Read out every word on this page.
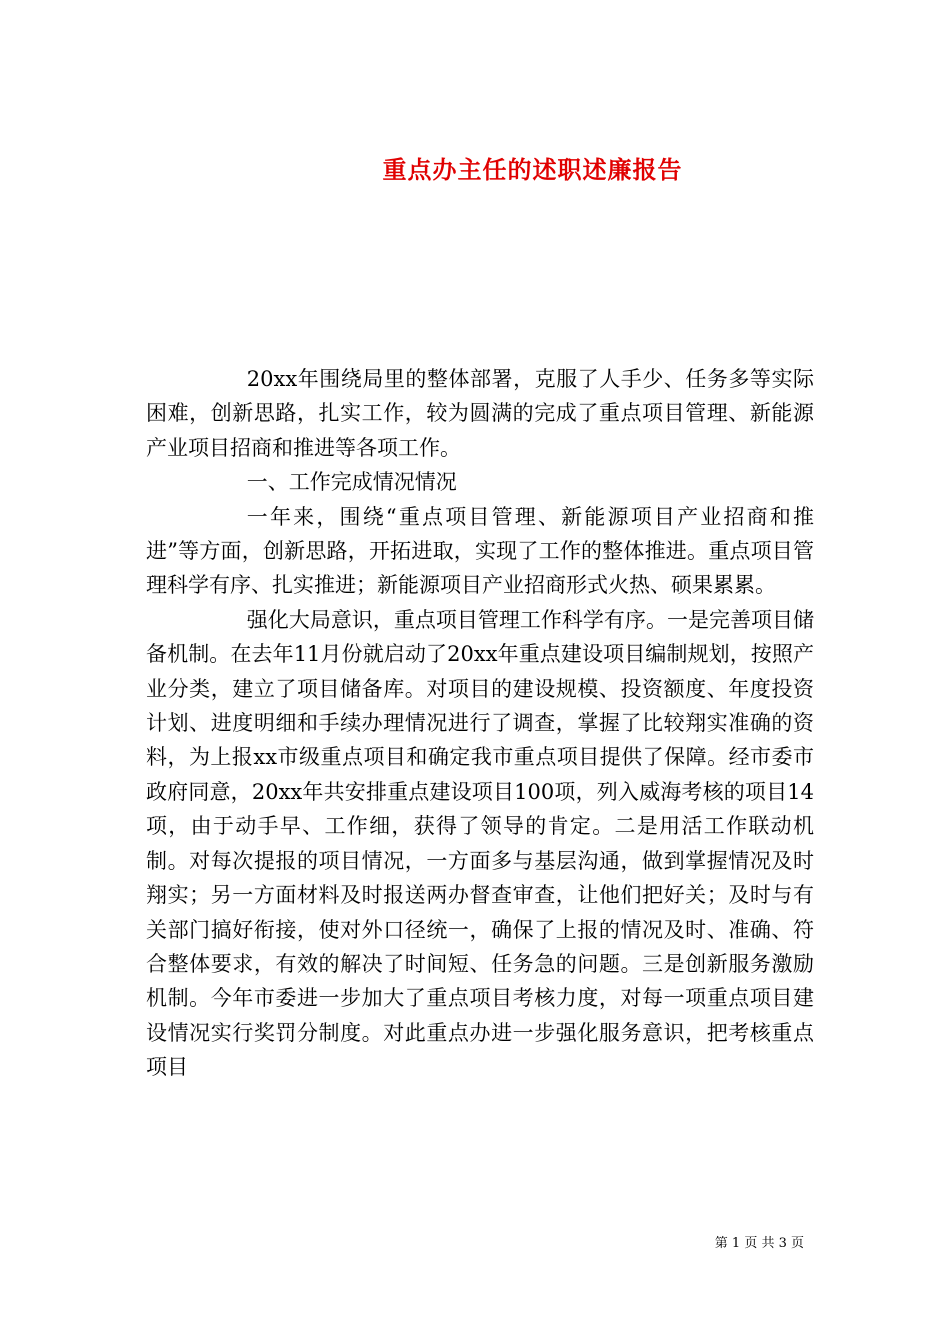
重点办主任的述职述廉报告

20xx年围绕局里的整体部署，克服了人手少、任务多等实际困难，创新思路，扎实工作，较为圆满的完成了重点项目管理、新能源产业项目招商和推进等各项工作。

一、工作完成情况情况

一年来，围绕“重点项目管理、新能源项目产业招商和推进”等方面，创新思路，开拓进取，实现了工作的整体推进。重点项目管理科学有序、扎实推进；新能源项目产业招商形式火热、硕果累累。

强化大局意识，重点项目管理工作科学有序。一是完善项目储备机制。在去年11月份就启动了20xx年重点建设项目编制规划，按照产业分类，建立了项目储备库。对项目的建设规模、投资额度、年度投资计划、进度明细和手续办理情况进行了调查，掌握了比较翔实准确的资料，为上报xx市级重点项目和确定我市重点项目提供了保障。经市委市政府同意，20xx年共安排重点建设项目100项，列入威海考核的项目14项，由于动手早、工作细，获得了领导的肯定。二是用活工作联动机制。对每次提报的项目情况，一方面多与基层沟通，做到掌握情况及时翔实；另一方面材料及时报送两办督查审查，让他们把好关；及时与有关部门搞好衔接，使对外口径统一，确保了上报的情况及时、准确、符合整体要求，有效的解决了时间短、任务急的问题。三是创新服务激励机制。今年市委进一步加大了重点项目考核力度，对每一项重点项目建设情况实行奖罚分制度。对此重点办进一步强化服务意识，把考核重点项目

第 1 页 共 3 页
